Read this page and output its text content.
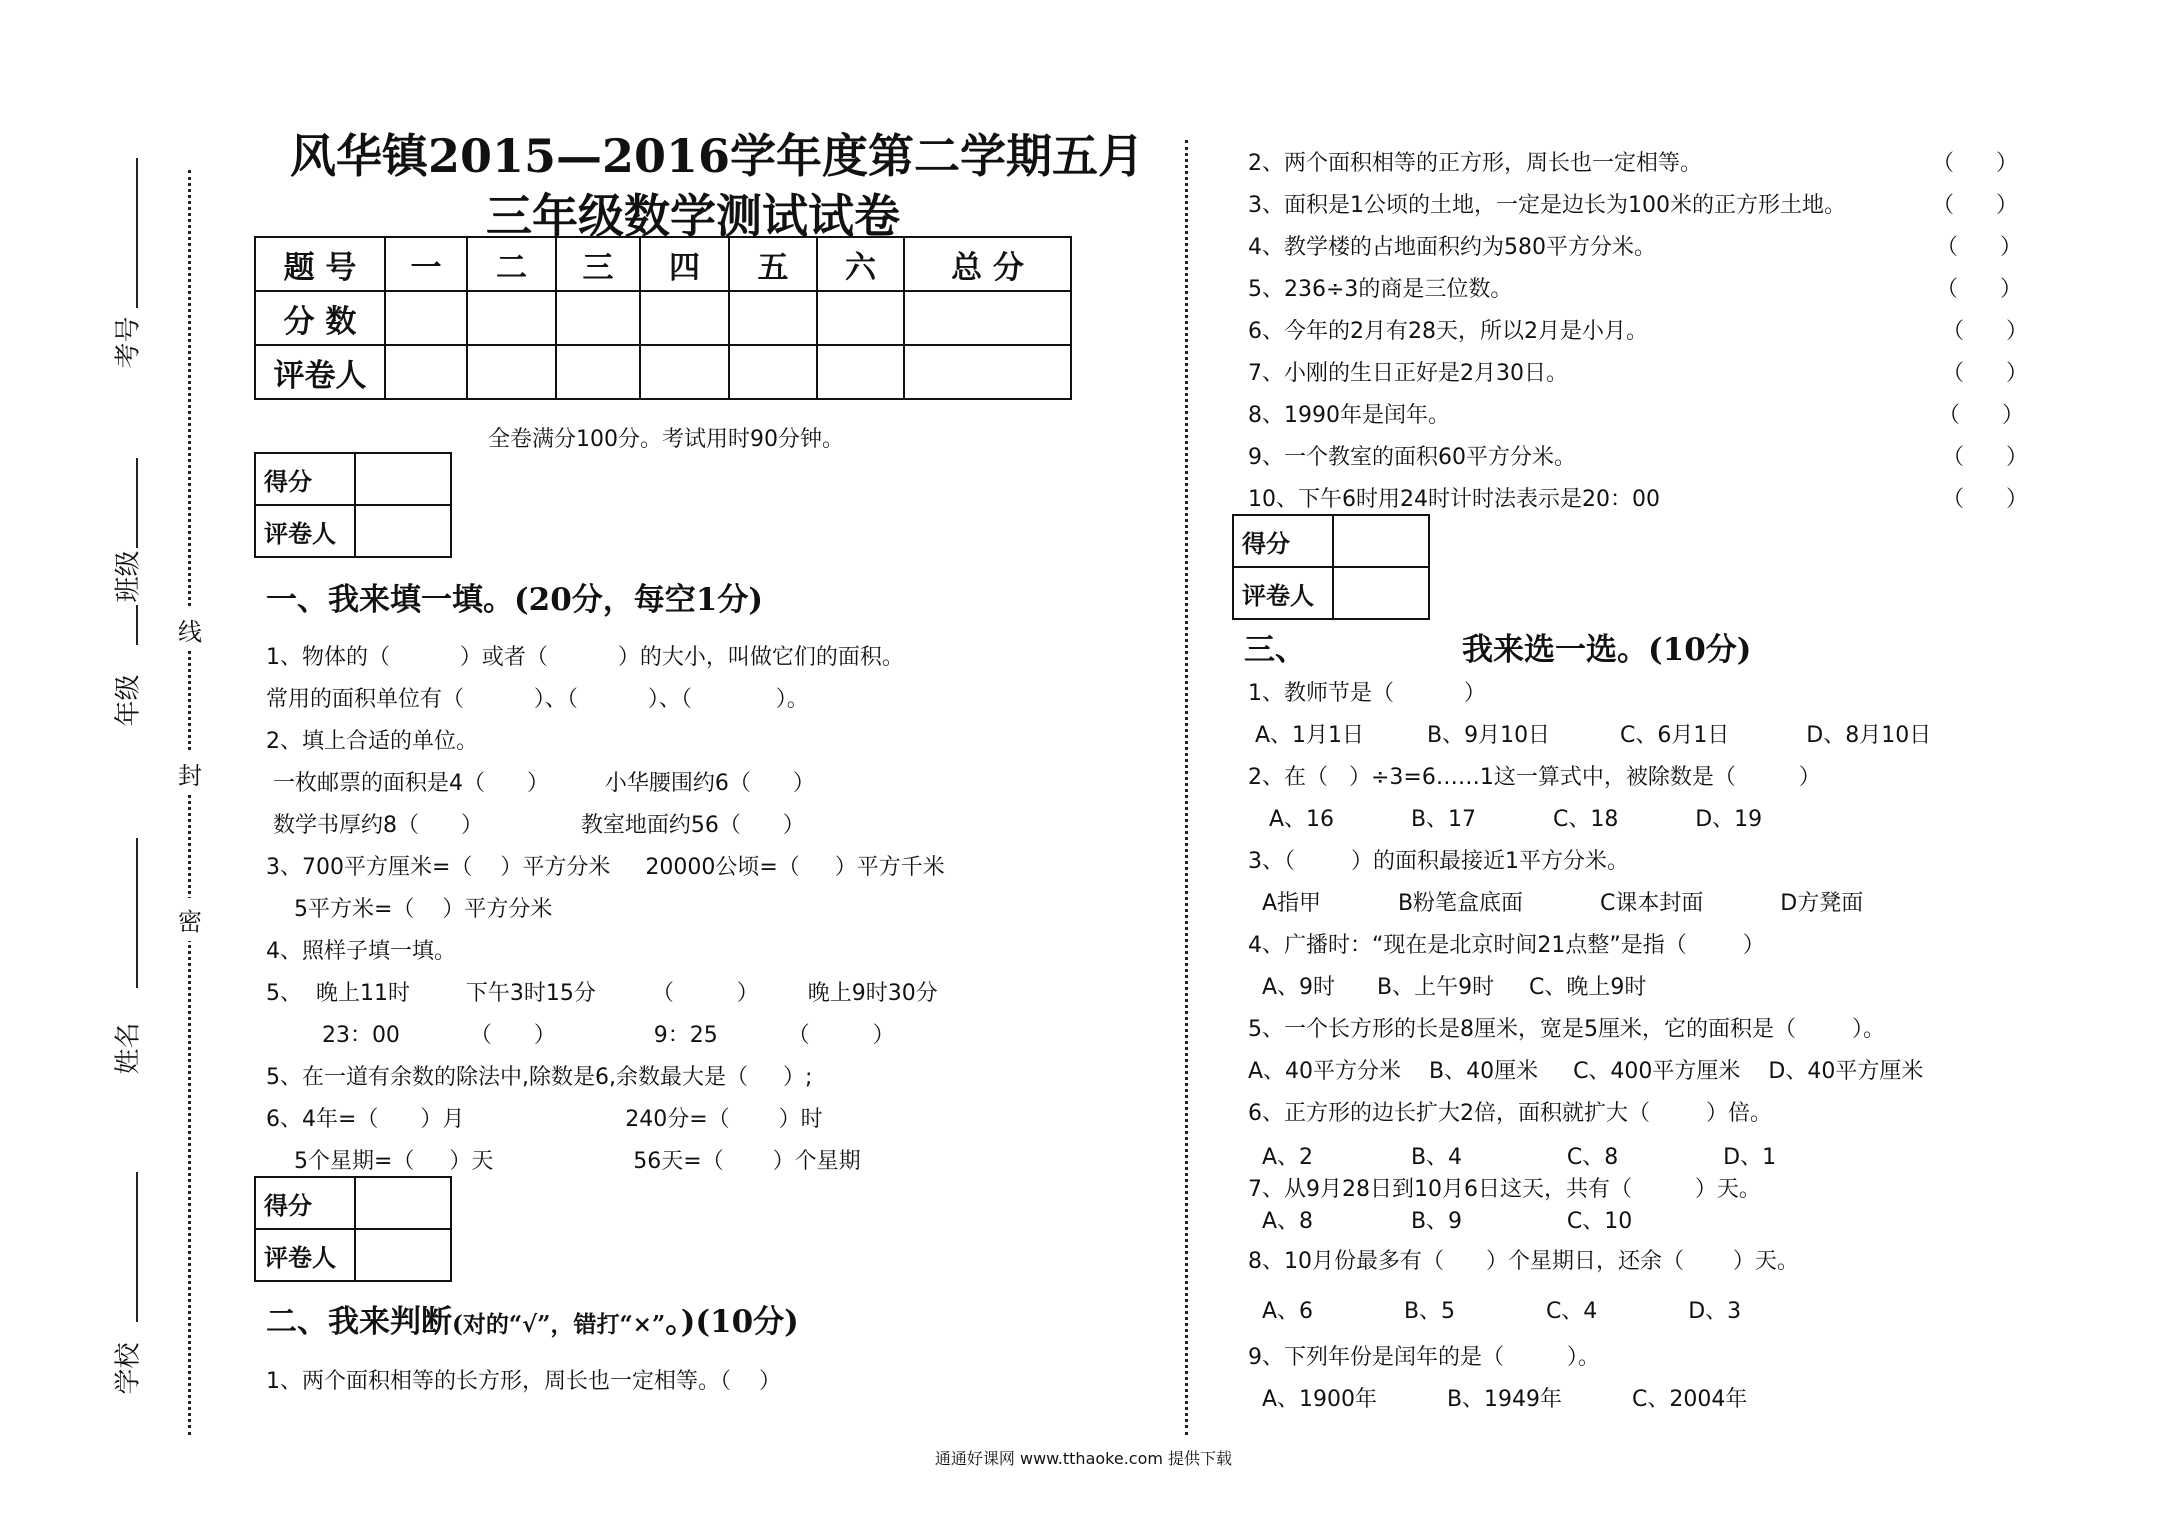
考号
班级
年级
姓名
学校
线
封
密
风华镇2015—2016学年度第二学期五月
三年级数学测试试卷
题 号	一	二	三	四	五	六	总 分
分 数							
评卷人							
全卷满分100分。考试用时90分钟。
得分	
评卷人	
一、我来填一填。(20分，每空1分)
1、物体的（          ）或者（          ）的大小，叫做它们的面积。
常用的面积单位有（          ）、（          ）、（            ）。
2、填上合适的单位。
一枚邮票的面积是4（      ）        小华腰围约6（      ）
数学书厚约8（      ）              教室地面约56（      ）
3、700平方厘米=（    ）平方分米     20000公顷=（     ）平方千米
5平方米=（    ）平方分米
4、照样子填一填。
5、  晚上11时        下午3时15分        （         ）       晚上9时30分
23：00          （      ）              9：25          （         ）
5、在一道有余数的除法中,除数是6,余数最大是（     ）;
6、4年=（      ）月                       240分=（       ）时
5个星期=（     ）天                    56天=（       ）个星期
得分	
评卷人	
二、我来判断(对的“√”，错打“×”。)(10分)
1、两个面积相等的长方形，周长也一定相等。（    ）
2、两个面积相等的正方形，周长也一定相等。	（      ）
3、面积是1公顷的土地，一定是边长为100米的正方形土地。	（      ）
4、教学楼的占地面积约为580平方分米。	（      ）
5、236÷3的商是三位数。	（      ）
6、今年的2月有28天，所以2月是小月。	（      ）
7、小刚的生日正好是2月30日。	（      ）
8、1990年是闰年。	（      ）
9、一个教室的面积60平方分米。	（      ）
10、下午6时用24时计时法表示是20：00	（      ）
得分	
评卷人	
三、	我来选一选。(10分)
1、教师节是（          ）
A、1月1日         B、9月10日          C、6月1日           D、8月10日
2、在（   ）÷3=6……1这一算式中，被除数是（         ）
A、16           B、17           C、18           D、19
3、（        ）的面积最接近1平方分米。
A指甲           B粉笔盒底面           C课本封面           D方凳面
4、广播时：“现在是北京时间21点整”是指（        ）
A、9时      B、上午9时     C、晚上9时
5、一个长方形的长是8厘米，宽是5厘米，它的面积是（        ）。
A、40平方分米    B、40厘米     C、400平方厘米    D、40平方厘米
6、正方形的边长扩大2倍，面积就扩大（        ）倍。
A、2              B、4               C、8               D、1
7、从9月28日到10月6日这天，共有（         ）天。
A、8              B、9               C、10
8、10月份最多有（      ）个星期日，还余（       ）天。
A、6             B、5             C、4             D、3
9、下列年份是闰年的是（         ）。
A、1900年          B、1949年          C、2004年
通通好课网 www.tthaoke.com 提供下载
